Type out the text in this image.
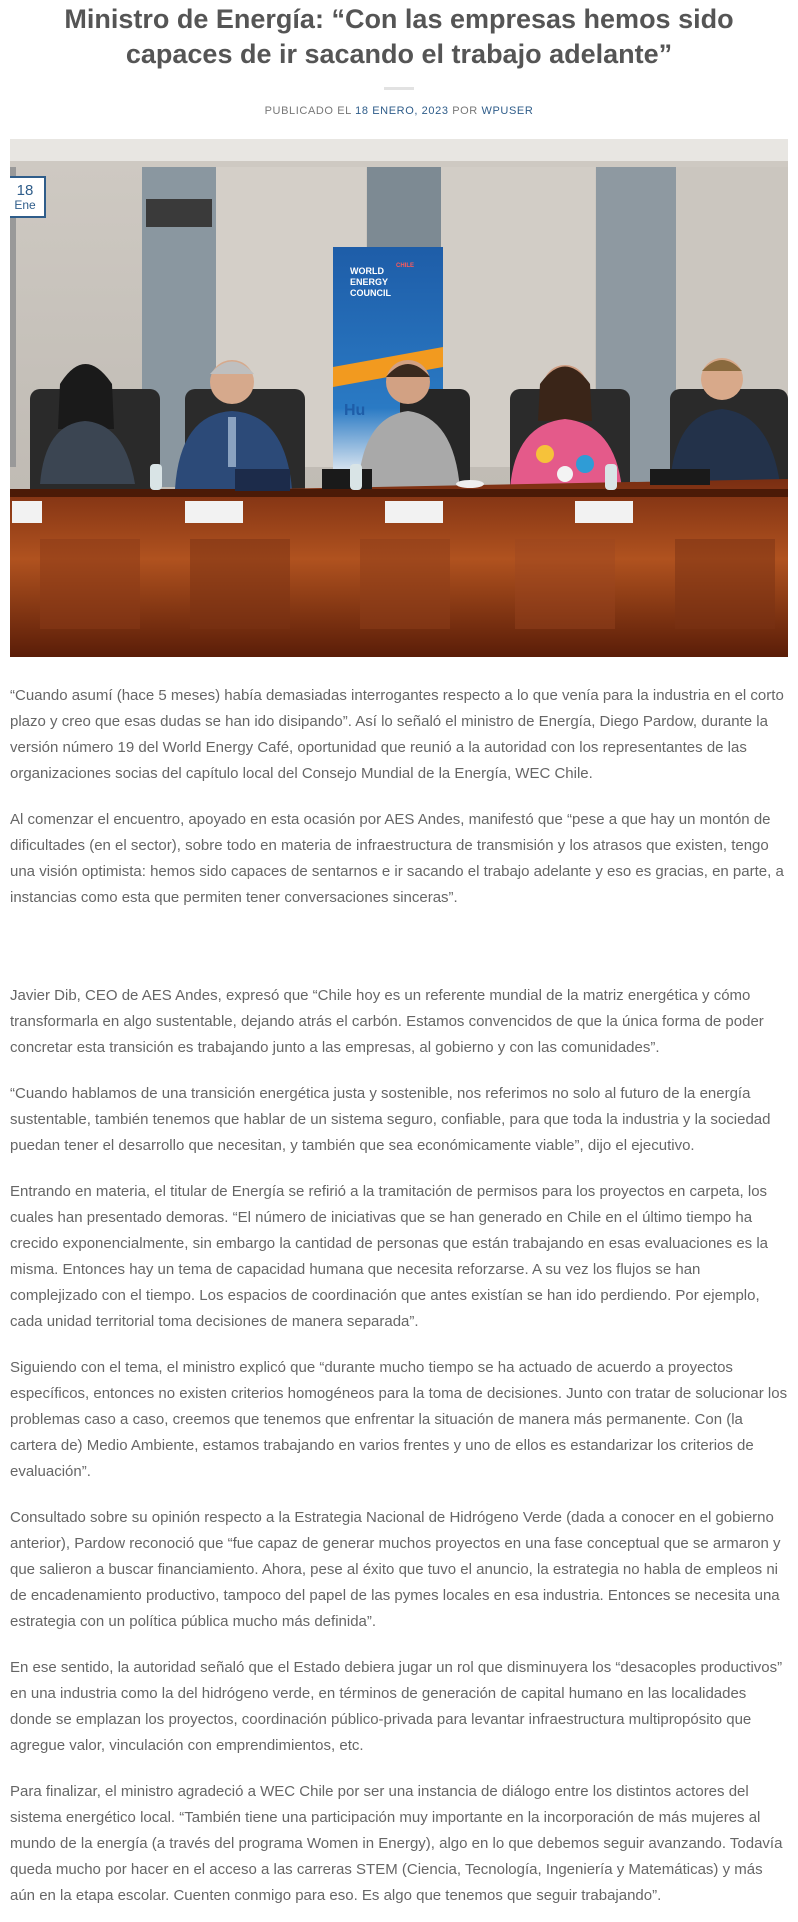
Ministro de Energía: “Con las empresas hemos sido capaces de ir sacando el trabajo adelante”
PUBLICADO EL 18 ENERO, 2023 POR WPUSER
WORLD
ENERGY
COUNCIL
CHILE
Hu
18
Ene

“Cuando asumí (hace 5 meses) había demasiadas interrogantes respecto a lo que venía para la industria en el corto plazo y creo que esas dudas se han ido disipando”. Así lo señaló el ministro de Energía, Diego Pardow, durante la versión número 19 del World Energy Café, oportunidad que reunió a la autoridad con los representantes de las organizaciones socias del capítulo local del Consejo Mundial de la Energía, WEC Chile.

Al comenzar el encuentro, apoyado en esta ocasión por AES Andes, manifestó que “pese a que hay un montón de dificultades (en el sector), sobre todo en materia de infraestructura de transmisión y los atrasos que existen, tengo una visión optimista: hemos sido capaces de sentarnos e ir sacando el trabajo adelante y eso es gracias, en parte, a instancias como esta que permiten tener conversaciones sinceras”.

Javier Dib, CEO de AES Andes, expresó que “Chile hoy es un referente mundial de la matriz energética y cómo transformarla en algo sustentable, dejando atrás el carbón. Estamos convencidos de que la única forma de poder concretar esta transición es trabajando junto a las empresas, al gobierno y con las comunidades”.

“Cuando hablamos de una transición energética justa y sostenible, nos referimos no solo al futuro de la energía sustentable, también tenemos que hablar de un sistema seguro, confiable, para que toda la industria y la sociedad puedan tener el desarrollo que necesitan, y también que sea económicamente viable”, dijo el ejecutivo.

Entrando en materia, el titular de Energía se refirió a la tramitación de permisos para los proyectos en carpeta, los cuales han presentado demoras. “El número de iniciativas que se han generado en Chile en el último tiempo ha crecido exponencialmente, sin embargo la cantidad de personas que están trabajando en esas evaluaciones es la misma. Entonces hay un tema de capacidad humana que necesita reforzarse. A su vez los flujos se han complejizado con el tiempo. Los espacios de coordinación que antes existían se han ido perdiendo. Por ejemplo, cada unidad territorial toma decisiones de manera separada”.

Siguiendo con el tema, el ministro explicó que “durante mucho tiempo se ha actuado de acuerdo a proyectos específicos, entonces no existen criterios homogéneos para la toma de decisiones. Junto con tratar de solucionar los problemas caso a caso, creemos que tenemos que enfrentar la situación de manera más permanente. Con (la cartera de) Medio Ambiente, estamos trabajando en varios frentes y uno de ellos es estandarizar los criterios de evaluación”.

Consultado sobre su opinión respecto a la Estrategia Nacional de Hidrógeno Verde (dada a conocer en el gobierno anterior), Pardow reconoció que “fue capaz de generar muchos proyectos en una fase conceptual que se armaron y que salieron a buscar financiamiento. Ahora, pese al éxito que tuvo el anuncio, la estrategia no habla de empleos ni de encadenamiento productivo, tampoco del papel de las pymes locales en esa industria. Entonces se necesita una estrategia con un política pública mucho más definida”.

En ese sentido, la autoridad señaló que el Estado debiera jugar un rol que disminuyera los “desacoples productivos” en una industria como la del hidrógeno verde, en términos de generación de capital humano en las localidades donde se emplazan los proyectos, coordinación público-privada para levantar infraestructura multipropósito que agregue valor, vinculación con emprendimientos, etc.

Para finalizar, el ministro agradeció a WEC Chile por ser una instancia de diálogo entre los distintos actores del sistema energético local. “También tiene una participación muy importante en la incorporación de más mujeres al mundo de la energía (a través del programa Women in Energy), algo en lo que debemos seguir avanzando. Todavía queda mucho por hacer en el acceso a las carreras STEM (Ciencia, Tecnología, Ingeniería y Matemáticas) y más aún en la etapa escolar. Cuenten conmigo para eso. Es algo que tenemos que seguir trabajando”.
